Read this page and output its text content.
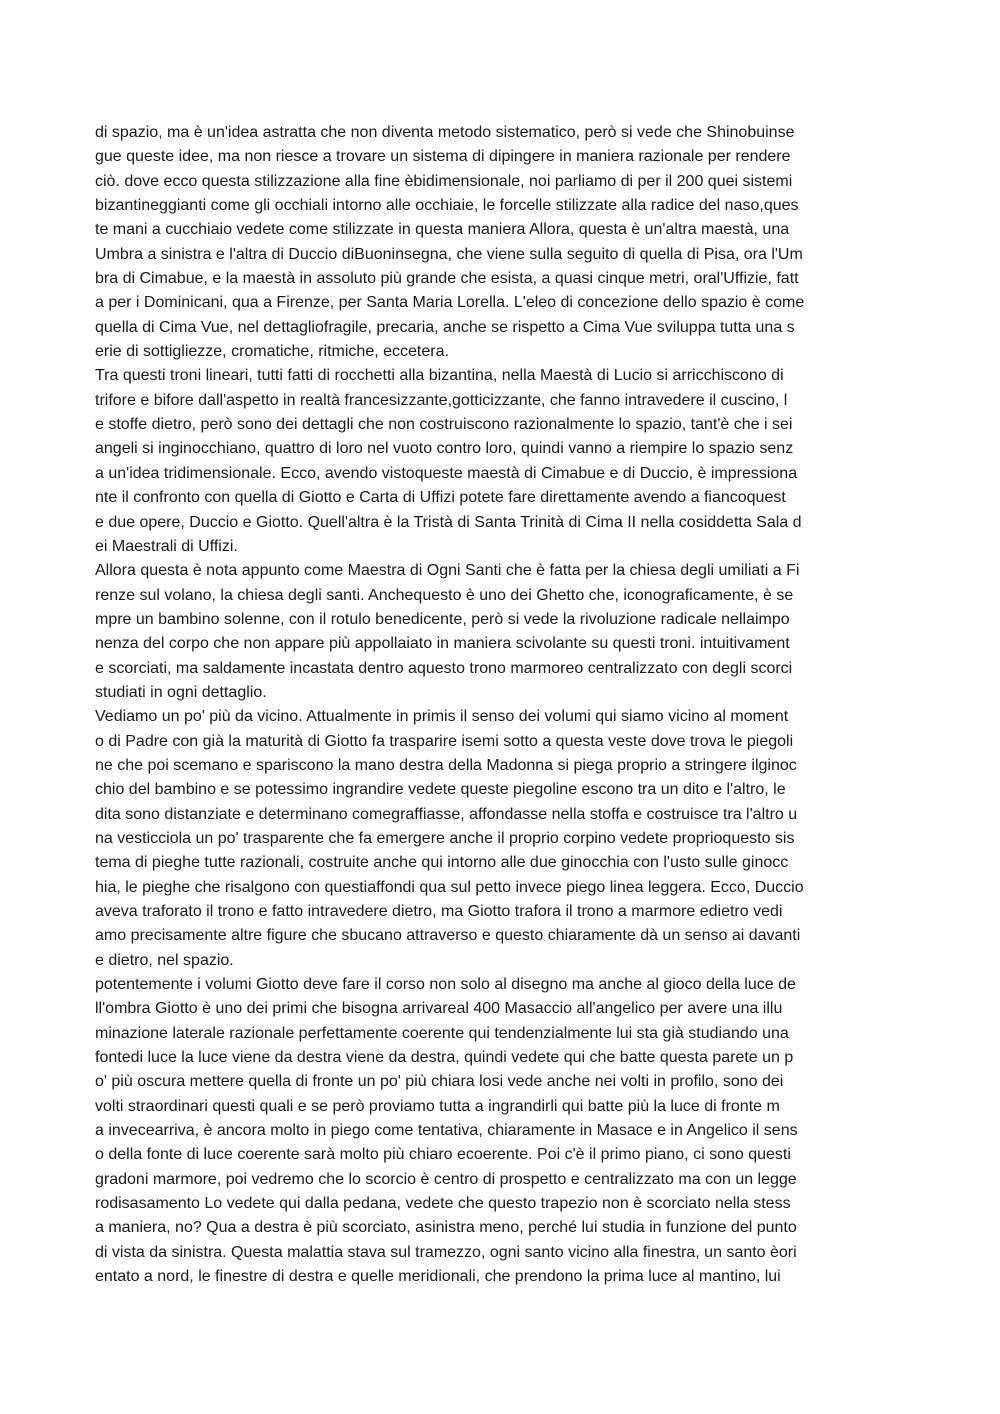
di spazio, ma è un'idea astratta che non diventa metodo sistematico, però si vede che Shinobuinse
gue queste idee, ma non riesce a trovare un sistema di dipingere in maniera razionale per rendere
ciò. dove ecco questa stilizzazione alla fine èbidimensionale, noi parliamo di per il 200 quei sistemi
bizantineggianti come gli occhiali intorno alle occhiaie, le forcelle stilizzate alla radice del naso,ques
te mani a cucchiaio vedete come stilizzate in questa maniera Allora, questa è un'altra maestà, una
Umbra a sinistra e l'altra di Duccio diBuoninsegna, che viene sulla seguito di quella di Pisa, ora l'Um
bra di Cimabue, e la maestà in assoluto più grande che esista, a quasi cinque metri, oral'Uffizie, fatt
a per i Dominicani, qua a Firenze, per Santa Maria Lorella. L'eleo di concezione dello spazio è come
quella di Cima Vue, nel dettagliofragile, precaria, anche se rispetto a Cima Vue sviluppa tutta una s
erie di sottigliezze, cromatiche, ritmiche, eccetera.
Tra questi troni lineari, tutti fatti di rocchetti alla bizantina, nella Maestà di Lucio si arricchiscono di
trifore e bifore dall'aspetto in realtà francesizzante,gotticizzante, che fanno intravedere il cuscino, l
e stoffe dietro, però sono dei dettagli che non costruiscono razionalmente lo spazio, tant'è che i sei
angeli si inginocchiano, quattro di loro nel vuoto contro loro, quindi vanno a riempire lo spazio senz
a un'idea tridimensionale. Ecco, avendo vistoqueste maestà di Cimabue e di Duccio, è impressiona
nte il confronto con quella di Giotto e Carta di Uffizi potete fare direttamente avendo a fiancoquest
e due opere, Duccio e Giotto. Quell'altra è la Tristà di Santa Trinità di Cima II nella cosiddetta Sala d
ei Maestrali di Uffizi.
Allora questa è nota appunto come Maestra di Ogni Santi che è fatta per la chiesa degli umiliati a Fi
renze sul volano, la chiesa degli santi. Anchequesto è uno dei Ghetto che, iconograficamente, è se
mpre un bambino solenne, con il rotulo benedicente, però si vede la rivoluzione radicale nellaimpo
nenza del corpo che non appare più appollaiato in maniera scivolante su questi troni. intuitivament
e scorciati, ma saldamente incastata dentro aquesto trono marmoreo centralizzato con degli scorci
studiati in ogni dettaglio.
Vediamo un po' più da vicino. Attualmente in primis il senso dei volumi qui siamo vicino al moment
o di Padre con già la maturità di Giotto fa trasparire isemi sotto a questa veste dove trova le piegoli
ne che poi scemano e spariscono la mano destra della Madonna si piega proprio a stringere ilginoc
chio del bambino e se potessimo ingrandire vedete queste piegoline escono tra un dito e l'altro, le
dita sono distanziate e determinano comegraffiasse, affondasse nella stoffa e costruisce tra l'altro u
na vesticciola un po' trasparente che fa emergere anche il proprio corpino vedete proprioquesto sis
tema di pieghe tutte razionali, costruite anche qui intorno alle due ginocchia con l'usto sulle ginocc
hia, le pieghe che risalgono con questiaffondi qua sul petto invece piego linea leggera. Ecco, Duccio
aveva traforato il trono e fatto intravedere dietro, ma Giotto trafora il trono a marmore edietro vedi
amo precisamente altre figure che sbucano attraverso e questo chiaramente dà un senso ai davanti
e dietro, nel spazio.
potentemente i volumi Giotto deve fare il corso non solo al disegno ma anche al gioco della luce de
ll'ombra Giotto è uno dei primi che bisogna arrivareal 400 Masaccio all'angelico per avere una illu
minazione laterale razionale perfettamente coerente qui tendenzialmente lui sta già studiando una
fontedi luce la luce viene da destra viene da destra, quindi vedete qui che batte questa parete un p
o' più oscura mettere quella di fronte un po' più chiara losi vede anche nei volti in profilo, sono dei
volti straordinari questi quali e se però proviamo tutta a ingrandirli qui batte più la luce di fronte m
a invecearriva, è ancora molto in piego come tentativa, chiaramente in Masace e in Angelico il sens
o della fonte di luce coerente sarà molto più chiaro ecoerente. Poi c'è il primo piano, ci sono questi
gradoni marmore, poi vedremo che lo scorcio è centro di prospetto e centralizzato ma con un legge
rodisasamento Lo vedete qui dalla pedana, vedete che questo trapezio non è scorciato nella stess
a maniera, no? Qua a destra è più scorciato, asinistra meno, perché lui studia in funzione del punto
di vista da sinistra. Questa malattia stava sul tramezzo, ogni santo vicino alla finestra, un santo èori
entato a nord, le finestre di destra e quelle meridionali, che prendono la prima luce al mantino, lui
